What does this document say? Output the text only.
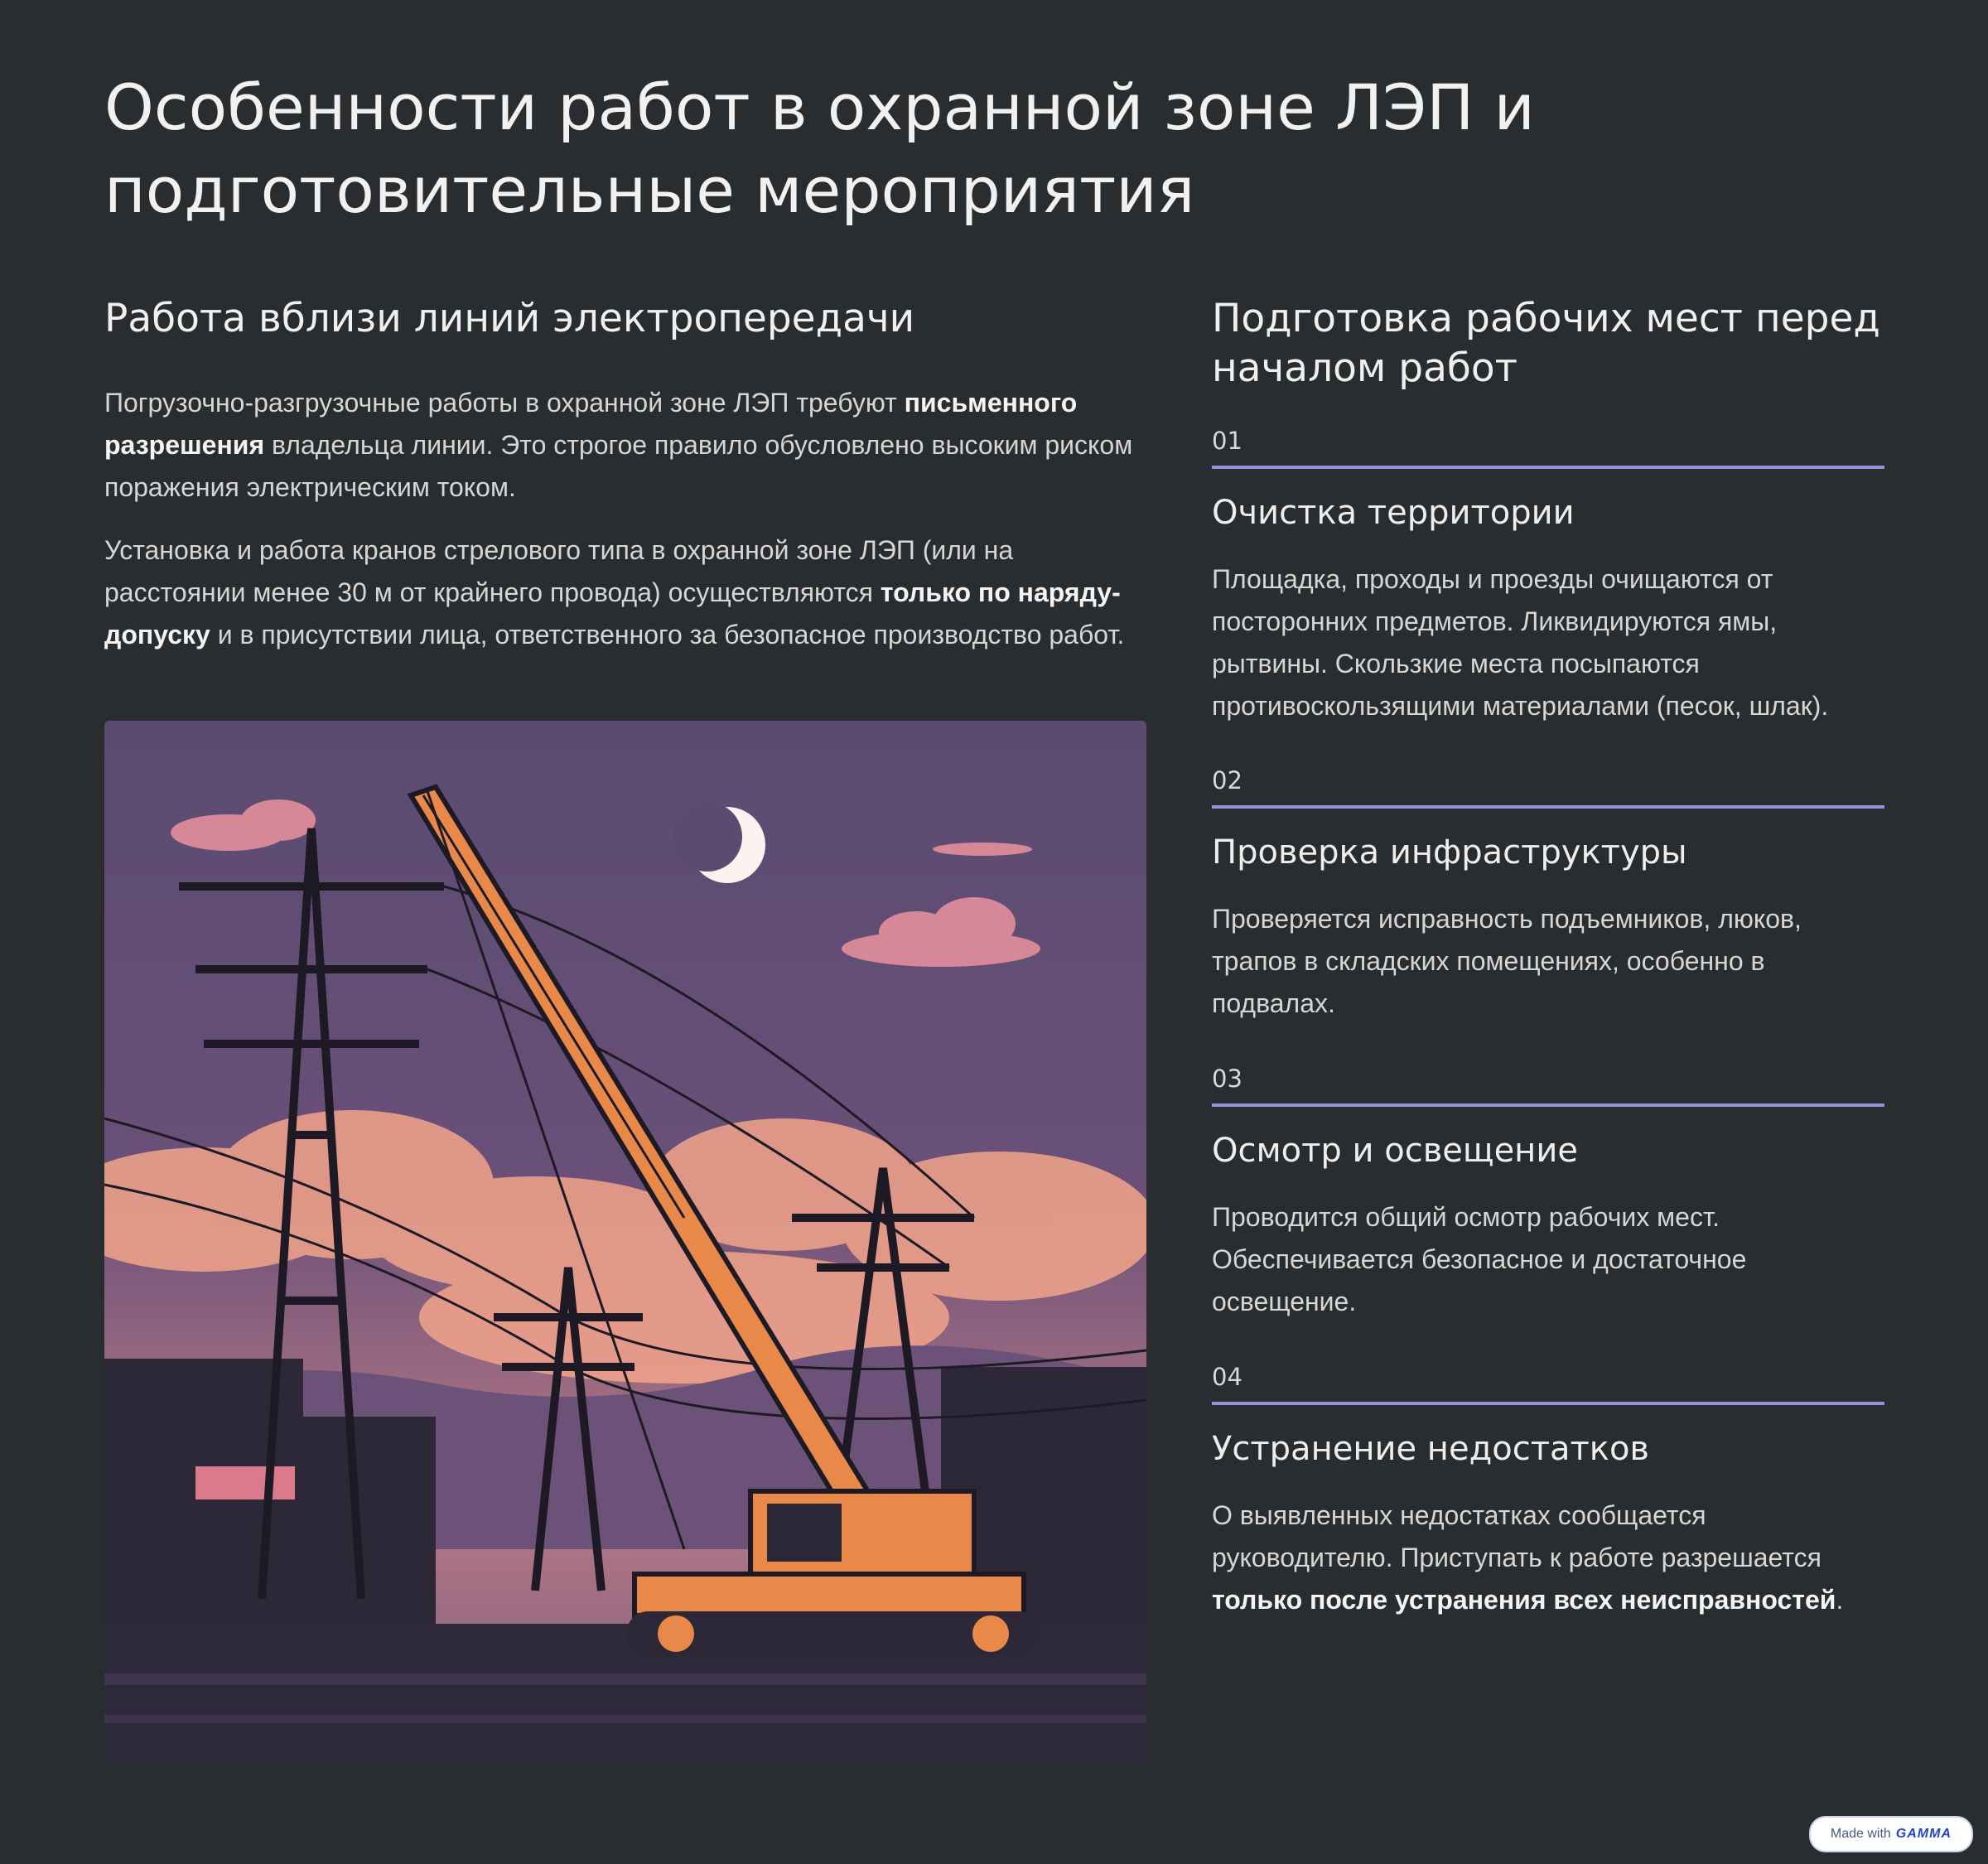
Особенности работ в охранной зоне ЛЭП и подготовительные мероприятия
Работа вблизи линий электропередачи

Погрузочно-разгрузочные работы в охранной зоне ЛЭП требуют письменного разрешения владельца линии. Это строгое правило обусловлено высоким риском поражения электрическим током.

Установка и работа кранов стрелового типа в охранной зоне ЛЭП (или на расстоянии менее 30 м от крайнего провода) осуществляются только по наряду-допуску и в присутствии лица, ответственного за безопасное производство работ.

Подготовка рабочих мест перед началом работ
01
Очистка территории

Площадка, проходы и проезды очищаются от посторонних предметов. Ликвидируются ямы, рытвины. Скользкие места посыпаются противоскользящими материалами (песок, шлак).

02
Проверка инфраструктуры

Проверяется исправность подъемников, люков, трапов в складских помещениях, особенно в подвалах.

03
Осмотр и освещение

Проводится общий осмотр рабочих мест. Обеспечивается безопасное и достаточное освещение.

04
Устранение недостатков

О выявленных недостатках сообщается руководителю. Приступать к работе разрешается только после устранения всех неисправностей.

Made with GAMMA
